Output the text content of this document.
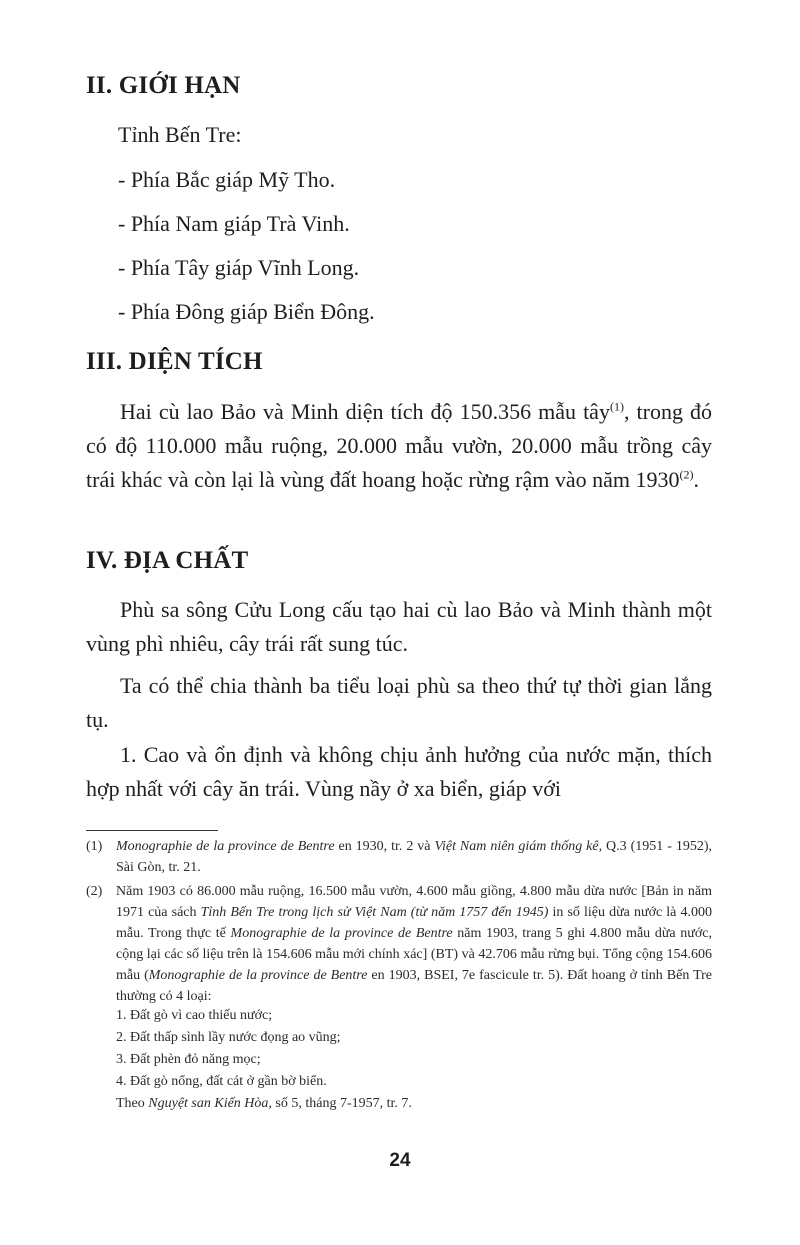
II. GIỚI HẠN

Tỉnh Bến Tre:

- Phía Bắc giáp Mỹ Tho.

- Phía Nam giáp Trà Vinh.

- Phía Tây giáp Vĩnh Long.

- Phía Đông giáp Biển Đông.

III. DIỆN TÍCH

Hai cù lao Bảo và Minh diện tích độ 150.356 mẫu tây$^{(1)}$, trong đó có độ 110.000 mẫu ruộng, 20.000 mẫu vườn, 20.000 mẫu trồng cây trái khác và còn lại là vùng đất hoang hoặc rừng rậm vào năm 1930$^{(2)}$.

IV. ĐỊA CHẤT

Phù sa sông Cửu Long cấu tạo hai cù lao Bảo và Minh thành một vùng phì nhiêu, cây trái rất sung túc.

Ta có thể chia thành ba tiểu loại phù sa theo thứ tự thời gian lắng tụ.

1. Cao và ổn định và không chịu ảnh hưởng của nước mặn, thích hợp nhất với cây ăn trái. Vùng nầy ở xa biển, giáp với

(1) Monographie de la province de Bentre en 1930, tr. 2 và Việt Nam niên giám thống kê, Q.3 (1951 - 1952), Sài Gòn, tr. 21.
(2) Năm 1903 có 86.000 mẫu ruộng, 16.500 mẫu vườn, 4.600 mẫu giồng, 4.800 mẫu dừa nước [Bản in năm 1971 của sách Tỉnh Bến Tre trong lịch sử Việt Nam (từ năm 1757 đến 1945) in số liệu dừa nước là 4.000 mẫu. Trong thực tế Monographie de la province de Bentre năm 1903, trang 5 ghi 4.800 mẫu dừa nước, cộng lại các số liệu trên là 154.606 mẫu mới chính xác] (BT) và 42.706 mẫu rừng bụi. Tổng cộng 154.606 mẫu (Monographie de la province de Bentre en 1903, BSEI, 7e fascicule tr. 5). Đất hoang ở tỉnh Bến Tre thường có 4 loại:
1. Đất gò vì cao thiếu nước;
2. Đất thấp sình lầy nước đọng ao vũng;
3. Đất phèn đỏ năng mọc;
4. Đất gò nổng, đất cát ở gần bờ biển.
Theo Nguyệt san Kiến Hòa, số 5, tháng 7-1957, tr. 7.
24
